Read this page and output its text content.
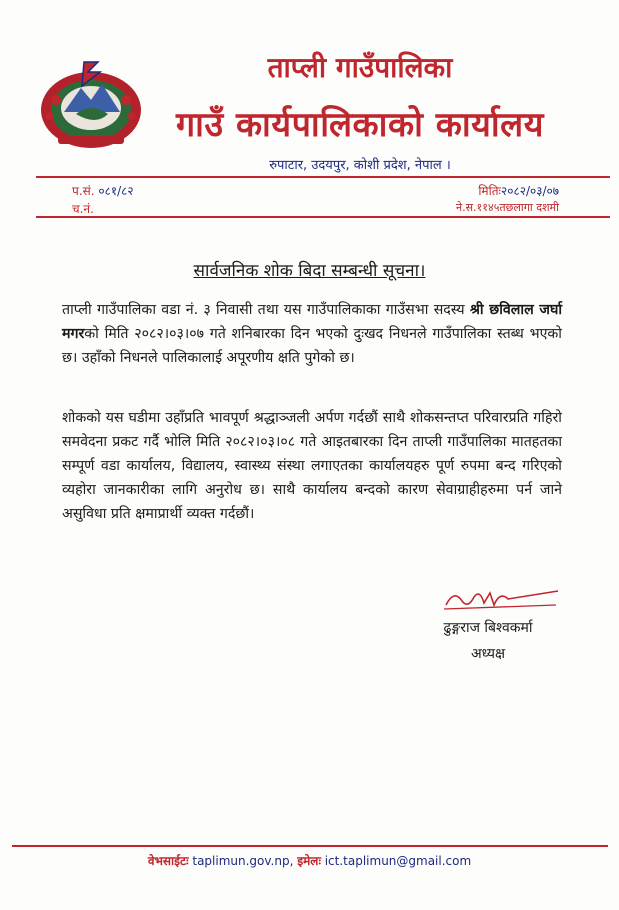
ताप्ली गाउँपालिका
गाउँ कार्यपालिकाको कार्यालय
रुपाटार, उदयपुर, कोशी प्रदेश, नेपाल ।
प.सं. ०८१/८२
च.नं.
मितिः२०८२/०३/०७
ने.स.११४५तछलागा दशमी
सार्वजनिक शोक बिदा सम्बन्धी सूचना।
ताप्ली गाउँपालिका वडा नं. ३ निवासी तथा यस गाउँपालिकाका गाउँसभा सदस्य श्री छविलाल जर्घा मगरको मिति २०८२।०३।०७ गते शनिबारका दिन भएको दुःखद निधनले गाउँपालिका स्तब्ध भएको छ। उहाँको निधनले पालिकालाई अपूरणीय क्षति पुगेको छ।
शोकको यस घडीमा उहाँप्रति भावपूर्ण श्रद्धाञ्जली अर्पण गर्दछौं साथै शोकसन्तप्त परिवारप्रति गहिरो समवेदना प्रकट गर्दै भोलि मिति २०८२।०३।०८ गते आइतबारका दिन ताप्ली गाउँपालिका मातहतका सम्पूर्ण वडा कार्यालय, विद्यालय, स्वास्थ्य संस्था लगाएतका कार्यालयहरु पूर्ण रुपमा बन्द गरिएको व्यहोरा जानकारीका लागि अनुरोध छ। साथै कार्यालय बन्दको कारण सेवाग्राहीहरुमा पर्न जाने असुविधा प्रति क्षमाप्रार्थी व्यक्त गर्दछौं।
ढुङ्गराज बिश्वकर्मा
अध्यक्ष
वेभसाईटः taplimun.gov.np, इमेलः ict.taplimun@gmail.com
